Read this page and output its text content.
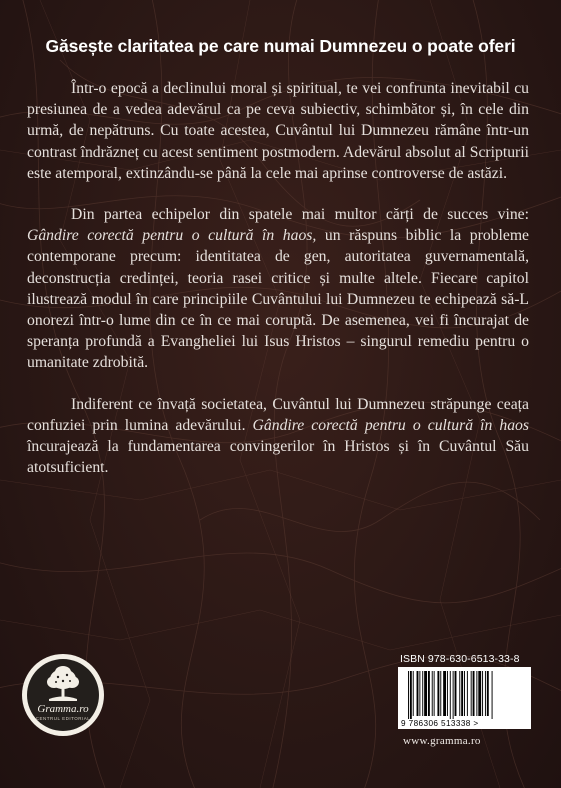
Găsește claritatea pe care numai Dumnezeu o poate oferi

Într-o epocă a declinului moral și spiritual, te vei confrunta inevitabil cu presiunea de a vedea adevărul ca pe ceva subiectiv, schimbător și, în cele din urmă, de nepătruns. Cu toate acestea, Cuvântul lui Dumnezeu rămâne într-un contrast îndrăzneț cu acest sentiment postmodern. Adevărul absolut al Scripturii este atemporal, extinzându-se până la cele mai aprinse controverse de astăzi.

Din partea echipelor din spatele mai multor cărți de succes vine: Gândire corectă pentru o cultură în haos, un răspuns biblic la probleme contemporane precum: identitatea de gen, autoritatea guvernamentală, deconstrucția credinței, teoria rasei critice și multe altele. Fiecare capitol ilustrează modul în care principiile Cuvântului lui Dumnezeu te echipează să-L onorezi într-o lume din ce în ce mai coruptă. De asemenea, vei fi încurajat de speranța profundă a Evangheliei lui Isus Hristos – singurul remediu pentru o umanitate zdrobită.

Indiferent ce învață societatea, Cuvântul lui Dumnezeu străpunge ceața confuziei prin lumina adevărului. Gândire corectă pentru o cultură în haos încurajează la fundamentarea convingerilor în Hristos și în Cuvântul Său atotsuficient.

Gramma.ro
CENTRUL EDITORIAL
ISBN 978-630-6513-33-8
9 786306 513338 >
www.gramma.ro
